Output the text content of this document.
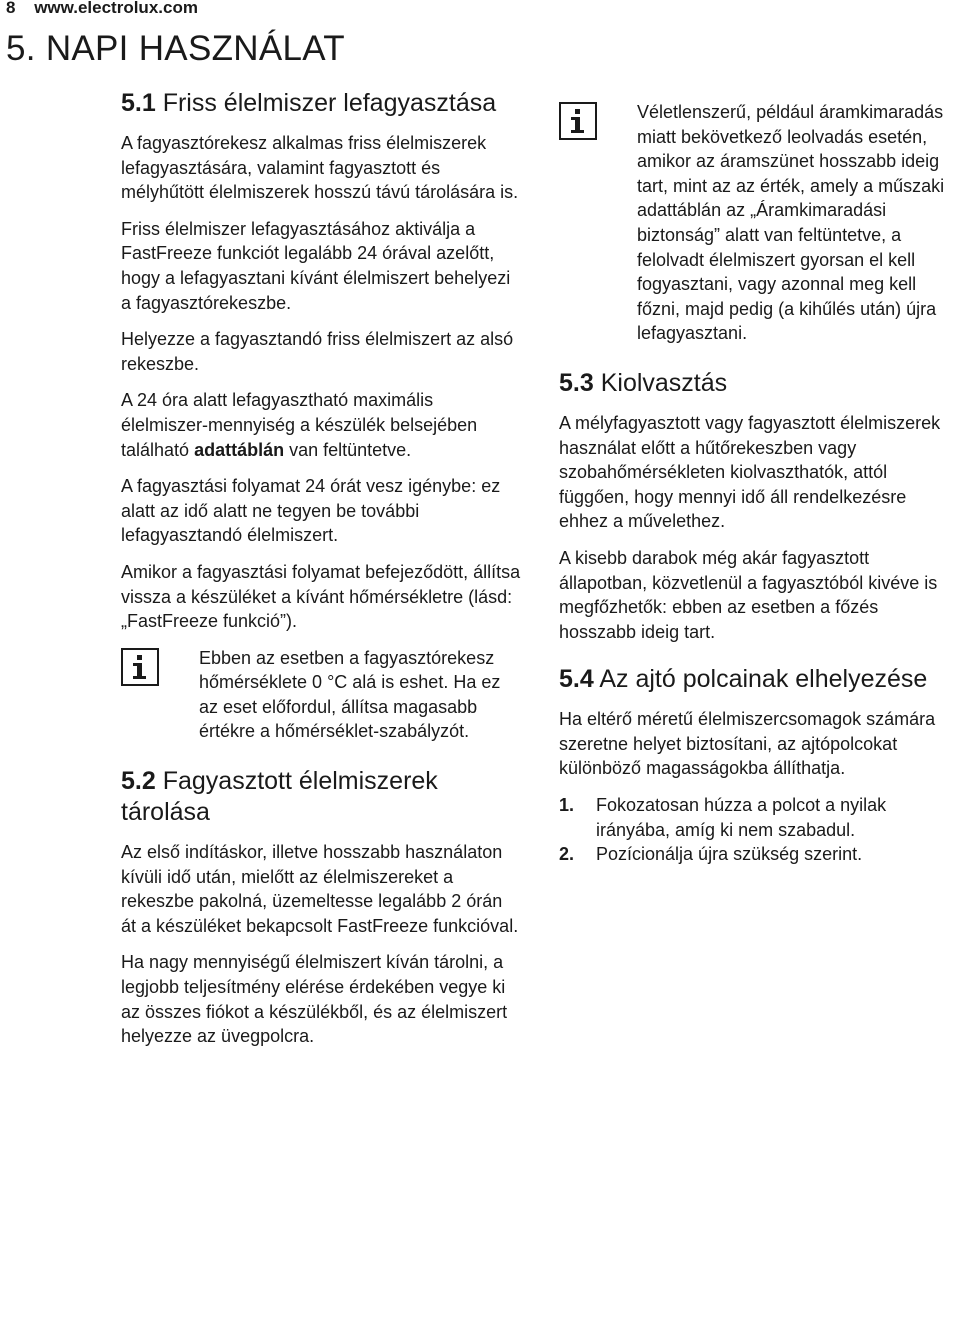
8 www.electrolux.com
5. NAPI HASZNÁLAT
5.1 Friss élelmiszer lefagyasztása

A fagyasztórekesz alkalmas friss élelmiszerek lefagyasztására, valamint fagyasztott és mélyhűtött élelmiszerek hosszú távú tárolására is.

Friss élelmiszer lefagyasztásához aktiválja a FastFreeze funkciót legalább 24 órával azelőtt, hogy a lefagyasztani kívánt élelmiszert behelyezi a fagyasztórekeszbe.

Helyezze a fagyasztandó friss élelmiszert az alsó rekeszbe.

A 24 óra alatt lefagyasztható maximális élelmiszer-mennyiség a készülék belsejében található adattáblán van feltüntetve.

A fagyasztási folyamat 24 órát vesz igénybe: ez alatt az idő alatt ne tegyen be további lefagyasztandó élelmiszert.

Amikor a fagyasztási folyamat befejeződött, állítsa vissza a készüléket a kívánt hőmérsékletre (lásd: „FastFreeze funkció”).

Ebben az esetben a fagyasztórekesz hőmérséklete 0 °C alá is eshet. Ha ez az eset előfordul, állítsa magasabb értékre a hőmérséklet-szabályzót.

5.2 Fagyasztott élelmiszerek tárolása

Az első indításkor, illetve hosszabb használaton kívüli idő után, mielőtt az élelmiszereket a rekeszbe pakolná, üzemeltesse legalább 2 órán át a készüléket bekapcsolt FastFreeze funkcióval.

Ha nagy mennyiségű élelmiszert kíván tárolni, a legjobb teljesítmény elérése érdekében vegye ki az összes fiókot a készülékből, és az élelmiszert helyezze az üvegpolcra.

Véletlenszerű, például áramkimaradás miatt bekövetkező leolvadás esetén, amikor az áramszünet hosszabb ideig tart, mint az az érték, amely a műszaki adattáblán az „Áramkimaradási biztonság” alatt van feltüntetve, a felolvadt élelmiszert gyorsan el kell fogyasztani, vagy azonnal meg kell főzni, majd pedig (a kihűlés után) újra lefagyasztani.

5.3 Kiolvasztás

A mélyfagyasztott vagy fagyasztott élelmiszerek használat előtt a hűtőrekeszben vagy szobahőmérsékleten kiolvaszthatók, attól függően, hogy mennyi idő áll rendelkezésre ehhez a művelethez.

A kisebb darabok még akár fagyasztott állapotban, közvetlenül a fagyasztóból kivéve is megfőzhetők: ebben az esetben a főzés hosszabb ideig tart.

5.4 Az ajtó polcainak elhelyezése

Ha eltérő méretű élelmiszercsomagok számára szeretne helyet biztosítani, az ajtópolcokat különböző magasságokba állíthatja.

1. Fokozatosan húzza a polcot a nyilak irányába, amíg ki nem szabadul.
2. Pozícionálja újra szükség szerint.
